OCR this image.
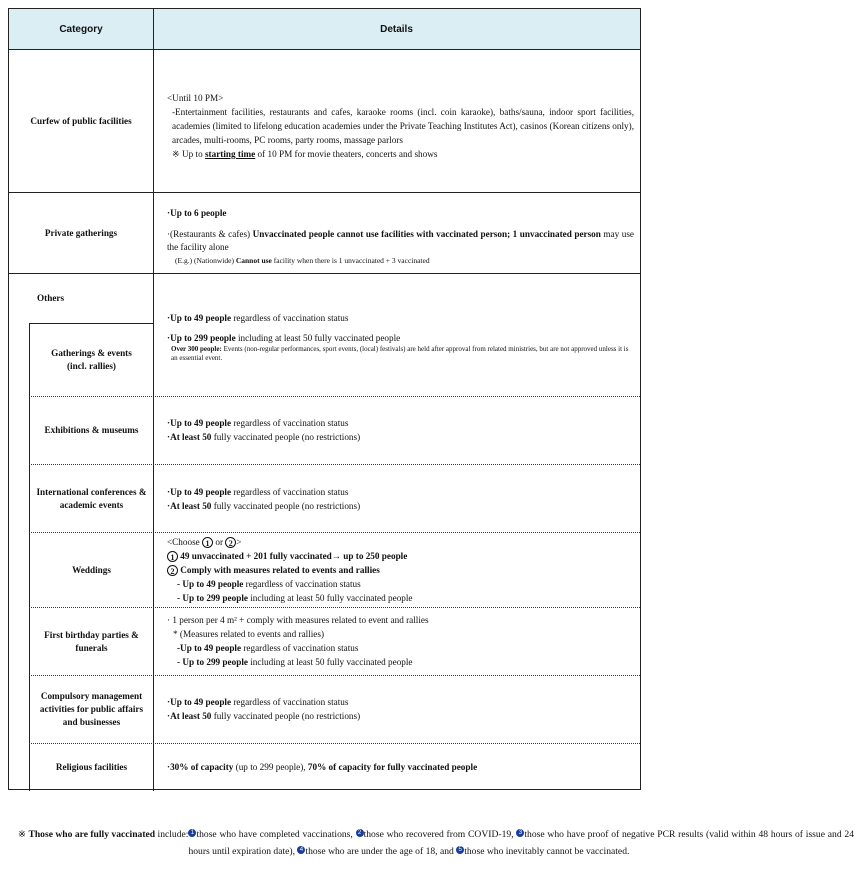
Category	Details
Curfew of public facilities

<Until 10 PM>

-Entertainment facilities, restaurants and cafes, karaoke rooms (incl. coin karaoke), baths/sauna, indoor sport facilities, academies (limited to lifelong education academies under the Private Teaching Institutes Act), casinos (Korean citizens only), arcades, multi-rooms, PC rooms, party rooms, massage parlors

※ Up to starting time of 10 PM for movie theaters, concerts and shows

Private gatherings

·Up to 6 people

·(Restaurants & cafes) Unvaccinated people cannot use facilities with vaccinated person; 1 unvaccinated person may use the facility alone

(E.g.) (Nationwide) Cannot use facility when there is 1 unvaccinated + 3 vaccinated

Others
Gatherings & events (incl. rallies)

·Up to 49 people regardless of vaccination status

·Up to 299 people including at least 50 fully vaccinated people

Over 300 people: Events (non-regular performances, sport events, (local) festivals) are held after approval from related ministries, but are not approved unless it is an essential event.

Exhibitions & museums

·Up to 49 people regardless of vaccination status

·At least 50 fully vaccinated people (no restrictions)

International conferences & academic events

·Up to 49 people regardless of vaccination status

·At least 50 fully vaccinated people (no restrictions)

Weddings

<Choose 1 or 2 >

1 49 unvaccinated + 201 fully vaccinated→ up to 250 people

2 Comply with measures related to events and rallies

- Up to 49 people regardless of vaccination status

- Up to 299 people including at least 50 fully vaccinated people

First birthday parties & funerals

· 1 person per 4 m² + comply with measures related to event and rallies

* (Measures related to events and rallies)

-Up to 49 people regardless of vaccination status

- Up to 299 people including at least 50 fully vaccinated people

Compulsory management activities for public affairs and businesses

·Up to 49 people regardless of vaccination status

·At least 50 fully vaccinated people (no restrictions)

Religious facilities	·30% of capacity (up to 299 people), 70% of capacity for fully vaccinated people

※ Those who are fully vaccinated include: 1 those who have completed vaccinations, 2 those who recovered from COVID-19, 3 those who have proof of negative PCR results (valid within 48 hours of issue and 24 hours until expiration date), 4 those who are under the age of 18, and 5 those who inevitably cannot be vaccinated.
